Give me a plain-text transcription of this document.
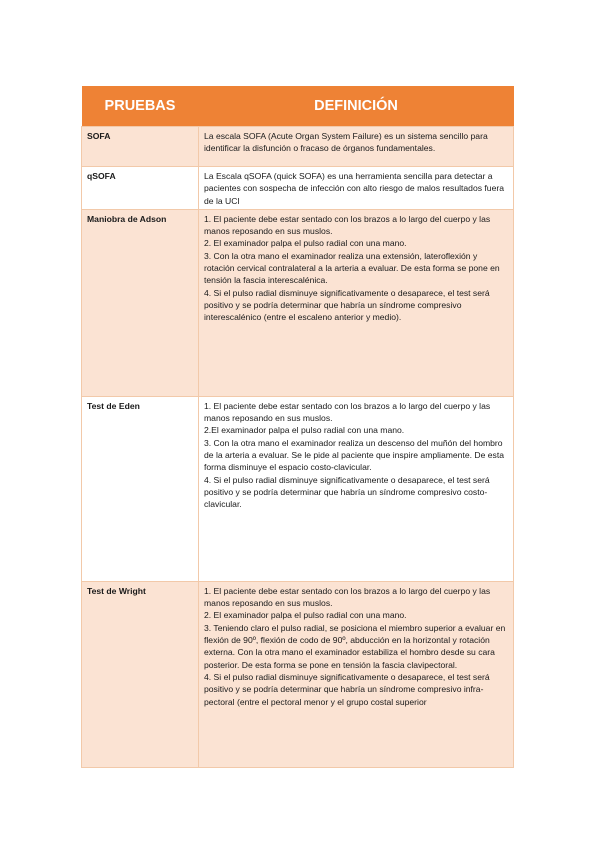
PRUEBAS	DEFINICIÓN
SOFA	La escala SOFA (Acute Organ System Failure) es un sistema sencillo para identificar la disfunción o fracaso de órganos fundamentales.

qSOFA	La Escala qSOFA (quick SOFA) es una herramienta sencilla para detectar a pacientes con sospecha de infección con alto riesgo de malos resultados fuera de la UCI

Maniobra de Adson	1. El paciente debe estar sentado con los brazos a lo largo del cuerpo y las manos reposando en sus muslos.
2. El examinador palpa el pulso radial con una mano.
3. Con la otra mano el examinador realiza una extensión, lateroflexión y rotación cervical contralateral a la arteria a evaluar. De esta forma se pone en tensión la fascia interescalénica.
4. Si el pulso radial disminuye significativamente o desaparece, el test será positivo y se podría determinar que habría un síndrome compresivo interescalénico (entre el escaleno anterior y medio).

Test de Eden	1. El paciente debe estar sentado con los brazos a lo largo del cuerpo y las manos reposando en sus muslos.
2.El examinador palpa el pulso radial con una mano.
3. Con la otra mano el examinador realiza un descenso del muñón del hombro de la arteria a evaluar. Se le pide al paciente que inspire ampliamente. De esta forma disminuye el espacio costo-clavicular.
4. Si el pulso radial disminuye significativamente o desaparece, el test será positivo y se podría determinar que habría un síndrome compresivo costo-clavicular.

Test de Wright	1. El paciente debe estar sentado con los brazos a lo largo del cuerpo y las manos reposando en sus muslos.
2. El examinador palpa el pulso radial con una mano.
3. Teniendo claro el pulso radial, se posiciona el miembro superior a evaluar en flexión de 90º, flexión de codo de 90º, abducción en la horizontal y rotación externa. Con la otra mano el examinador estabiliza el hombro desde su cara posterior. De esta forma se pone en tensión la fascia clavipectoral.
4. Si el pulso radial disminuye significativamente o desaparece, el test será positivo y se podría determinar que habría un síndrome compresivo infra-pectoral (entre el pectoral menor y el grupo costal superior
